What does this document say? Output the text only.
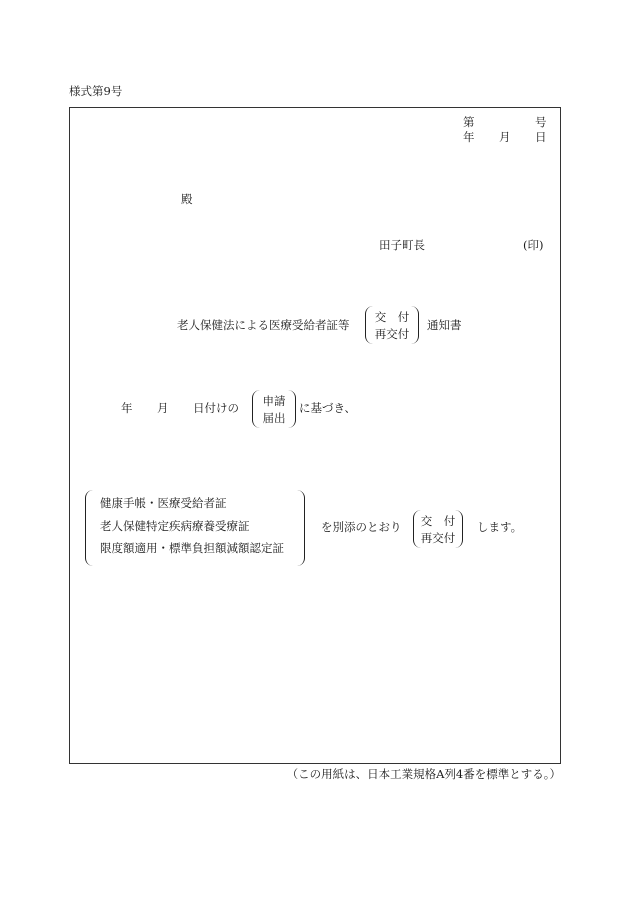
様式第9号
第	号
年 月 日
殿
田子町長	(印)
老人保健法による医療受給者証等
交　付
再交付
通知書
年 月 日付けの 申請
届出
に基づき、
健康手帳・医療受給者証
老人保健特定疾病療養受療証
限度額適用・標準負担額減額認定証
を別添のとおり 交　付
再交付
します。
（この用紙は、日本工業規格A列4番を標準とする。）
